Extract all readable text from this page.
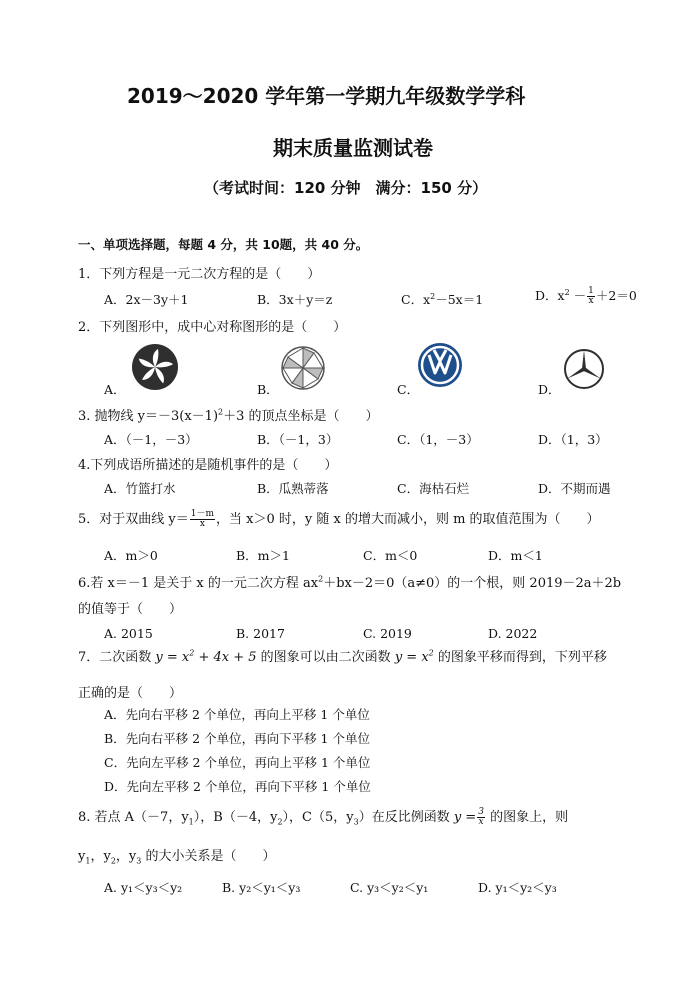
2019～2020 学年第一学期九年级数学学科
期末质量监测试卷
（考试时间：120 分钟　满分：150 分）
一、单项选择题，每题 4 分，共 10题，共 40 分。
1．下列方程是一元二次方程的是（　　）
A．2x－3y＋1	B．3x＋y＝z	C．$x^2-5x=1$	D．$x^2 - \frac{1}{x} +2=0$
2．下列图形中，成中心对称图形的是（　　）
A．	B．	C．	D．
3. 抛物线 $y=-3(x-1)^2+3$ 的顶点坐标是（　　）
A．（－1，－3）	B．（－1，3）	C．（1，－3）	D．（1，3）
4.下列成语所描述的是随机事件的是（　　）
A．竹篮打水	B．瓜熟蒂落	C．海枯石烂	D．不期而遇
5．对于双曲线 $y= \frac{1-m}{x}$ ，当 x＞0 时，y 随 x 的增大而减小，则 m 的取值范围为（　　）
A．m＞0	B．m＞1	C．m＜0	D．m＜1
6.若 x＝－1 是关于 x 的一元二次方程 $ax^2+bx-2=0(a\ne 0)$的一个根，则 2019－2a＋2b
的值等于（　　）
A. 2015	B. 2017	C. 2019	D. 2022
7．二次函数 $y = x^2 + 4x + 5$ 的图象可以由二次函数 $y = x^2$ 的图象平移而得到，下列平移
正确的是（　　）
A．先向右平移 2 个单位，再向上平移 1 个单位
B．先向右平移 2 个单位，再向下平移 1 个单位
C．先向左平移 2 个单位，再向上平移 1 个单位
D．先向左平移 2 个单位，再向下平移 1 个单位
8. 若点 A（－7，$y_1$），B（－4，$y_2$），C（5，$y_3$）在反比例函数 $y = \frac{3}{x}$ 的图象上，则
$y_1$，$y_2$，$y_3$ 的大小关系是（　　）
A. y₁＜y₃＜y₂	B. y₂＜y₁＜y₃	C. y₃＜y₂＜y₁	D. y₁＜y₂＜y₃
